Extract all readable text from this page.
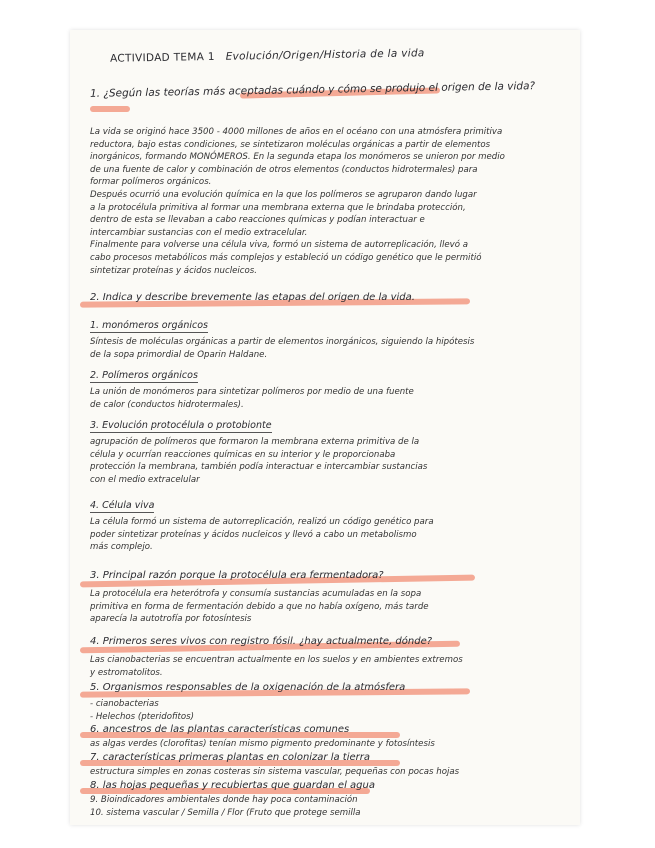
ACTIVIDAD TEMA 1 Evolución/Origen/Historia de la vida
1. ¿Según las teorías más aceptadas cuándo y cómo se produjo el origen de la vida?
La vida se originó hace 3500 - 4000 millones de años en el océano con una atmósfera primitiva
reductora, bajo estas condiciones, se sintetizaron moléculas orgánicas a partir de elementos
inorgánicos, formando MONÓMEROS. En la segunda etapa los monómeros se unieron por medio
de una fuente de calor y combinación de otros elementos (conductos hidrotermales) para
formar polímeros orgánicos.
Después ocurrió una evolución química en la que los polímeros se agruparon dando lugar
a la protocélula primitiva al formar una membrana externa que le brindaba protección,
dentro de esta se llevaban a cabo reacciones químicas y podían interactuar e
intercambiar sustancias con el medio extracelular.
Finalmente para volverse una célula viva, formó un sistema de autorreplicación, llevó a
cabo procesos metabólicos más complejos y estableció un código genético que le permitió
sintetizar proteínas y ácidos nucleicos.
2. Indica y describe brevemente las etapas del origen de la vida.
1. monómeros orgánicos
Síntesis de moléculas orgánicas a partir de elementos inorgánicos, siguiendo la hipótesis
de la sopa primordial de Oparin Haldane.
2. Polímeros orgánicos
La unión de monómeros para sintetizar polímeros por medio de una fuente
de calor (conductos hidrotermales).
3. Evolución protocélula o protobionte
agrupación de polímeros que formaron la membrana externa primitiva de la
célula y ocurrían reacciones químicas en su interior y le proporcionaba
protección la membrana, también podía interactuar e intercambiar sustancias
con el medio extracelular
4. Célula viva
La célula formó un sistema de autorreplicación, realizó un código genético para
poder sintetizar proteínas y ácidos nucleicos y llevó a cabo un metabolismo
más complejo.
3. Principal razón porque la protocélula era fermentadora?
La protocélula era heterótrofa y consumía sustancias acumuladas en la sopa
primitiva en forma de fermentación debido a que no había oxígeno, más tarde
aparecía la autotrofía por fotosíntesis
4. Primeros seres vivos con registro fósil. ¿hay actualmente, dónde?
Las cianobacterias se encuentran actualmente en los suelos y en ambientes extremos
y estromatolitos.
5. Organismos responsables de la oxigenación de la atmósfera
- cianobacterias
- Helechos (pteridofitos)
6. ancestros de las plantas características comunes
as algas verdes (clorofitas) tenían mismo pigmento predominante y fotosíntesis
7. características primeras plantas en colonizar la tierra
estructura simples en zonas costeras sin sistema vascular, pequeñas con pocas hojas
8. las hojas pequeñas y recubiertas que guardan el agua
9. Bioindicadores ambientales donde hay poca contaminación
10. sistema vascular / Semilla / Flor (Fruto que protege semilla
